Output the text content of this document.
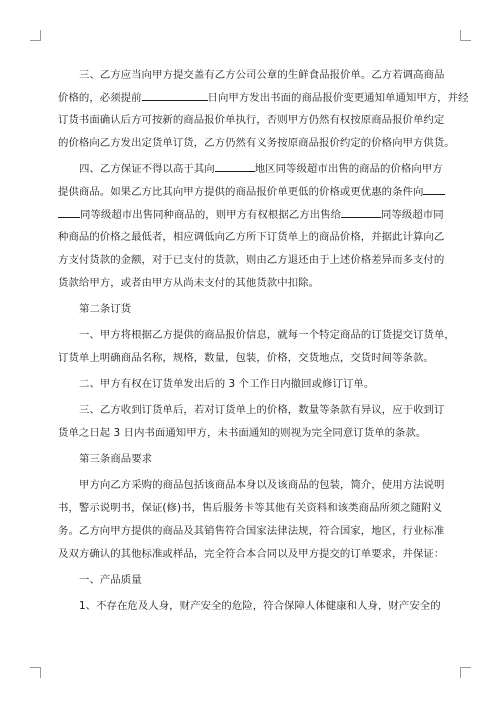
三、乙方应当向甲方提交盖有乙方公司公章的生鲜食品报价单。乙方若调高商品
价格的，必须提前	日向甲方发出书面的商品报价变更通知单通知甲方，并经
订货书面确认后方可按新的商品报价单执行，否则甲方仍然有权按原商品报价单约定
的价格向乙方发出定货单订货，乙方仍然有义务按原商品报价约定的价格向甲方供货。
四、乙方保证不得以高于其向	地区同等级超市出售的商品的价格向甲方
提供商品。如果乙方比其向甲方提供的商品报价单更低的价格或更优惠的条件向
同等级超市出售同种商品的，则甲方有权根据乙方出售给	同等级超市同
种商品的价格之最低者，相应调低向乙方所下订货单上的商品价格，并据此计算向乙
方支付货款的金额，对于已支付的货款，则由乙方退还由于上述价格差异而多支付的
货款给甲方，或者由甲方从尚未支付的其他货款中扣除。
第二条订货
一、甲方将根据乙方提供的商品报价信息，就每一个特定商品的订货提交订货单，
订货单上明确商品名称，规格，数量，包装，价格，交货地点，交货时间等条款。
二、甲方有权在订货单发出后的 3 个工作日内撤回或修订订单。
三、乙方收到订货单后，若对订货单上的价格，数量等条款有异议，应于收到订
货单之日起 3 日内书面通知甲方，未书面通知的则视为完全同意订货单的条款。
第三条商品要求
甲方向乙方采购的商品包括该商品本身以及该商品的包装，简介，使用方法说明
书，警示说明书，保证(修)书，售后服务卡等其他有关资料和该类商品所须之随附义
务。乙方向甲方提供的商品及其销售符合国家法律法规，符合国家，地区，行业标准
及双方确认的其他标准或样品，完全符合本合同以及甲方提交的订单要求，并保证：
一、产品质量
1、不存在危及人身，财产安全的危险，符合保障人体健康和人身，财产安全的
